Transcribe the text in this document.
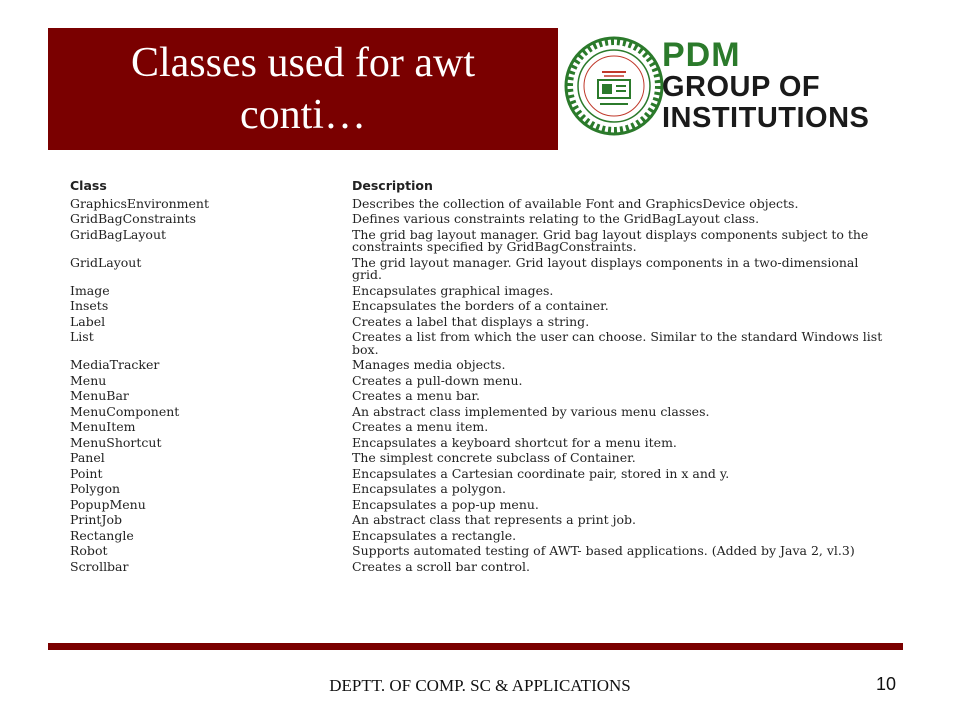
Classes used for awt
conti…
PDM
GROUP OF
INSTITUTIONS
Class	Description
GraphicsEnvironment	Describes the collection of available Font and GraphicsDevice objects.
GridBagConstraints	Defines various constraints relating to the GridBagLayout class.
GridBagLayout	The grid bag layout manager. Grid bag layout displays components subject to the constraints specified by GridBagConstraints.
GridLayout	The grid layout manager. Grid layout displays components in a two-dimensional grid.
Image	Encapsulates graphical images.
Insets	Encapsulates the borders of a container.
Label	Creates a label that displays a string.
List	Creates a list from which the user can choose. Similar to the standard Windows list box.
MediaTracker	Manages media objects.
Menu	Creates a pull-down menu.
MenuBar	Creates a menu bar.
MenuComponent	An abstract class implemented by various menu classes.
MenuItem	Creates a menu item.
MenuShortcut	Encapsulates a keyboard shortcut for a menu item.
Panel	The simplest concrete subclass of Container.
Point	Encapsulates a Cartesian coordinate pair, stored in x and y.
Polygon	Encapsulates a polygon.
PopupMenu	Encapsulates a pop-up menu.
PrintJob	An abstract class that represents a print job.
Rectangle	Encapsulates a rectangle.
Robot	Supports automated testing of AWT- based applications. (Added by Java 2, vl.3)
Scrollbar	Creates a scroll bar control.
DEPTT. OF COMP. SC & APPLICATIONS	10
